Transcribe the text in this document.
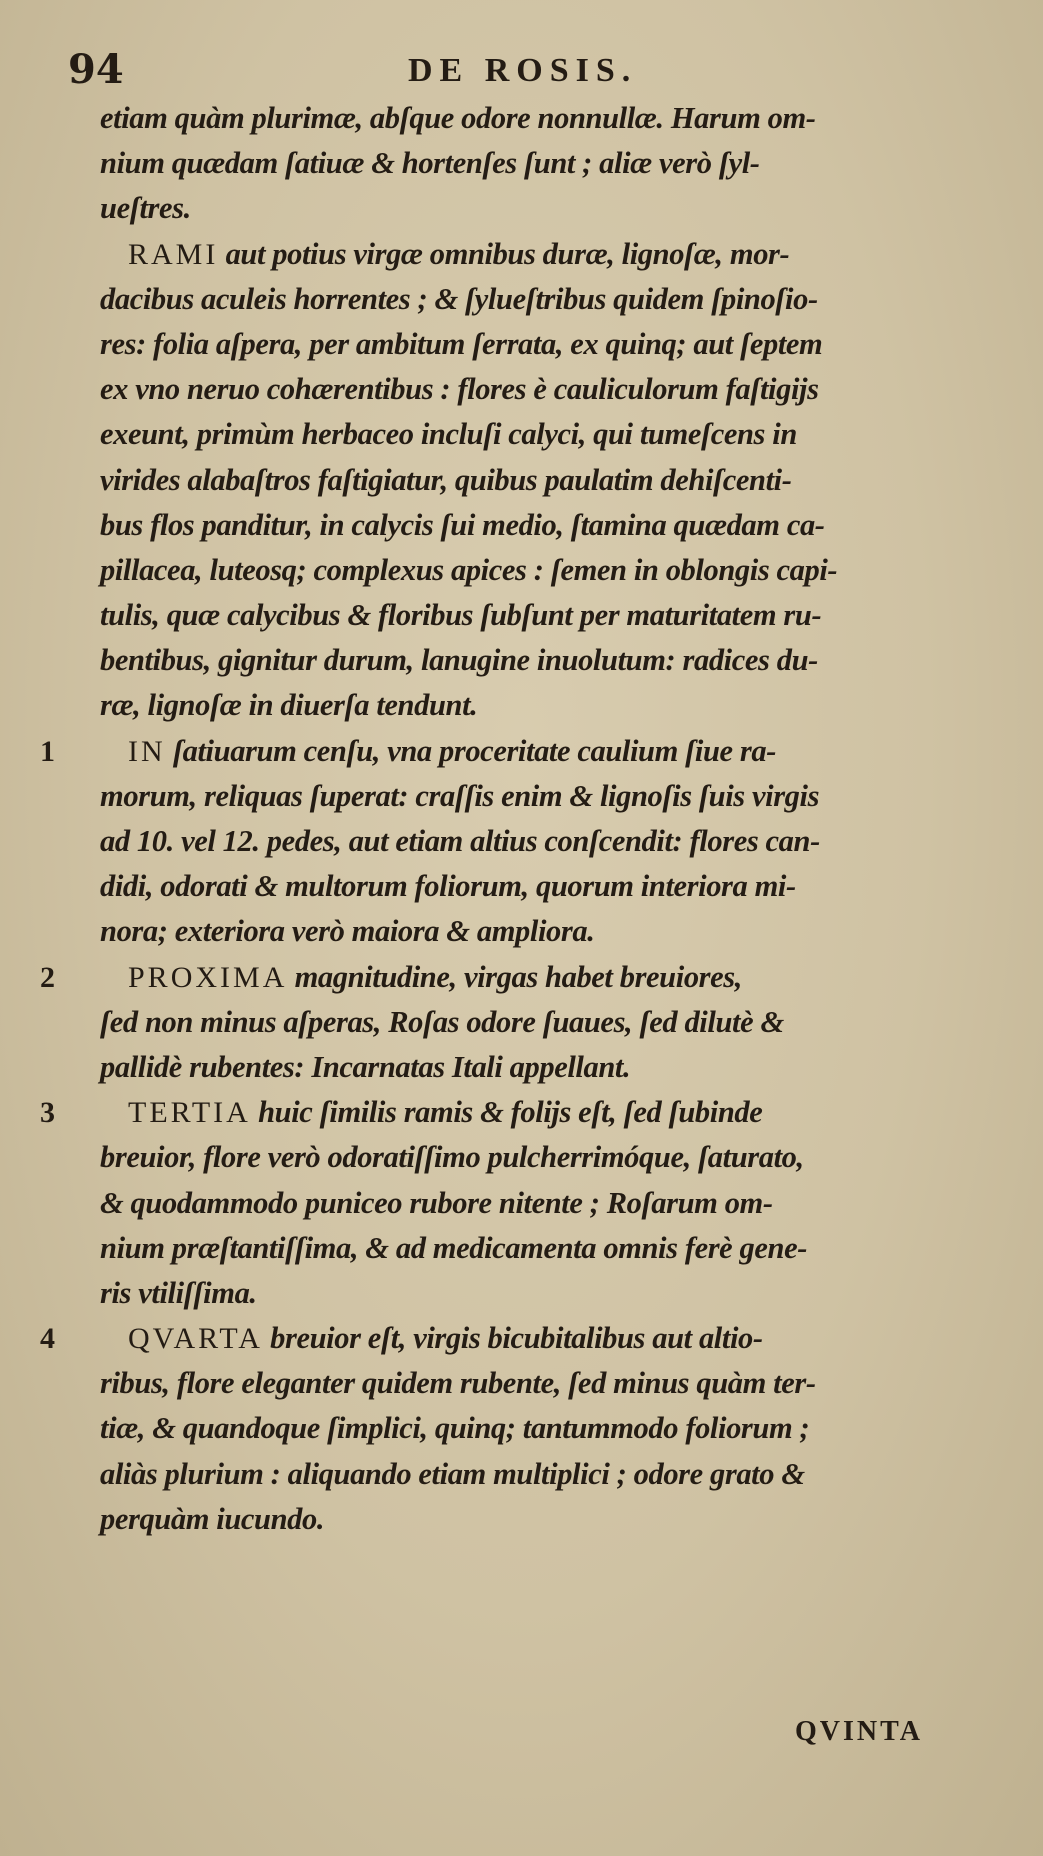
94	DE ROSIS.
etiam quàm plurimæ, abſque odore nonnullæ. Harum om-
nium quædam ſatiuæ & hortenſes ſunt ; aliæ verò ſyl-
ueſtres.
RAMI aut potius virgæ omnibus duræ, lignoſæ, mor-
dacibus aculeis horrentes ; & ſylueſtribus quidem ſpinoſio-
res: folia aſpera, per ambitum ſerrata, ex quinq; aut ſeptem
ex vno neruo cohærentibus : flores è cauliculorum faſtigijs
exeunt, primùm herbaceo incluſi calyci, qui tumeſcens in
virides alabaſtros faſtigiatur, quibus paulatim dehiſcenti-
bus flos panditur, in calycis ſui medio, ſtamina quædam ca-
pillacea, luteosq; complexus apices : ſemen in oblongis capi-
tulis, quæ calycibus & floribus ſubſunt per maturitatem ru-
bentibus, gignitur durum, lanugine inuolutum: radices du-
ræ, lignoſæ in diuerſa tendunt.
1 IN ſatiuarum cenſu, vna proceritate caulium ſiue ra-
morum, reliquas ſuperat: craſſis enim & lignoſis ſuis virgis
ad 10. vel 12. pedes, aut etiam altius conſcendit: flores can-
didi, odorati & multorum foliorum, quorum interiora mi-
nora; exteriora verò maiora & ampliora.
2 PROXIMA magnitudine, virgas habet breuiores,
ſed non minus aſperas, Roſas odore ſuaues, ſed dilutè &
pallidè rubentes: Incarnatas Itali appellant.
3 TERTIA huic ſimilis ramis & folijs eſt, ſed ſubinde
breuior, flore verò odoratiſſimo pulcherrimóque, ſaturato,
& quodammodo puniceo rubore nitente ; Roſarum om-
nium præſtantiſſima, & ad medicamenta omnis ferè gene-
ris vtiliſſima.
4 QVARTA breuior eſt, virgis bicubitalibus aut altio-
ribus, flore eleganter quidem rubente, ſed minus quàm ter-
tiæ, & quandoque ſimplici, quinq; tantummodo foliorum ;
aliàs plurium : aliquando etiam multiplici ; odore grato &
perquàm iucundo.
QVINTA
